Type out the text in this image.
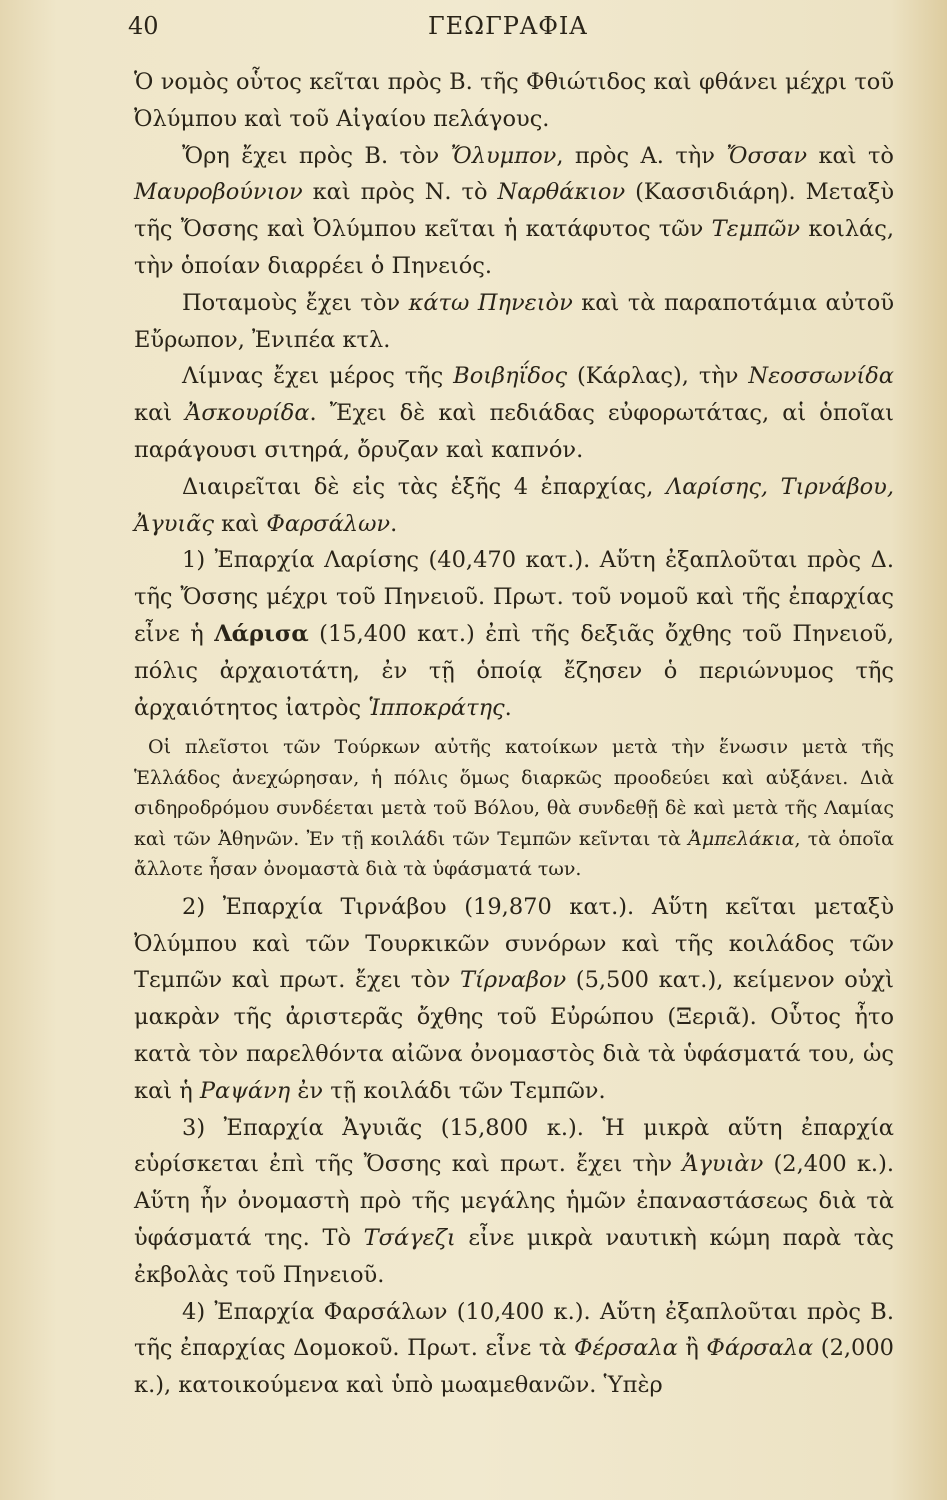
40	ΓΕΩΓΡΑΦΙΑ

Ὁ νομὸς οὗτος κεῖται πρὸς Β. τῆς Φθιώτιδος καὶ φθάνει μέχρι τοῦ Ὀλύμπου καὶ τοῦ Αἰγαίου πελάγους.

Ὄρη ἔχει πρὸς Β. τὸν Ὄλυμπον, πρὸς Α. τὴν Ὄσσαν καὶ τὸ Μαυροβούνιον καὶ πρὸς Ν. τὸ Ναρθάκιον (Κασσιδιάρη). Μεταξὺ τῆς Ὄσσης καὶ Ὀλύμπου κεῖται ἡ κατάφυτος τῶν Τεμπῶν κοιλάς, τὴν ὁποίαν διαρρέει ὁ Πηνειός.

Ποταμοὺς ἔχει τὸν κάτω Πηνειὸν καὶ τὰ παραποτάμια αὐτοῦ Εὔρωπον, Ἐνιπέα κτλ.

Λίμνας ἔχει μέρος τῆς Βοιβηΐδος (Κάρλας), τὴν Νεοσσωνίδα καὶ Ἀσκουρίδα. Ἔχει δὲ καὶ πεδιάδας εὐφορωτάτας, αἱ ὁποῖαι παράγουσι σιτηρά, ὄρυζαν καὶ καπνόν.

Διαιρεῖται δὲ εἰς τὰς ἑξῆς 4 ἐπαρχίας, Λαρίσης, Τιρνάβου, Ἀγυιᾶς καὶ Φαρσάλων.

1) Ἐπαρχία Λαρίσης (40,470 κατ.). Αὕτη ἐξαπλοῦται πρὸς Δ. τῆς Ὄσσης μέχρι τοῦ Πηνειοῦ. Πρωτ. τοῦ νομοῦ καὶ τῆς ἐπαρχίας εἶνε ἡ Λάρισα (15,400 κατ.) ἐπὶ τῆς δεξιᾶς ὄχθης τοῦ Πηνειοῦ, πόλις ἀρχαιοτάτη, ἐν τῇ ὁποίᾳ ἔζησεν ὁ περιώνυμος τῆς ἀρχαιότητος ἰατρὸς Ἱπποκράτης.

Οἱ πλεῖστοι τῶν Τούρκων αὐτῆς κατοίκων μετὰ τὴν ἕνωσιν μετὰ τῆς Ἑλλάδος ἀνεχώρησαν, ἡ πόλις ὅμως διαρκῶς προοδεύει καὶ αὐξάνει. Διὰ σιδηροδρόμου συνδέεται μετὰ τοῦ Βόλου, θὰ συνδεθῇ δὲ καὶ μετὰ τῆς Λαμίας καὶ τῶν Ἀθηνῶν. Ἐν τῇ κοιλάδι τῶν Τεμπῶν κεῖνται τὰ Ἀμπελάκια, τὰ ὁποῖα ἄλλοτε ἦσαν ὀνομαστὰ διὰ τὰ ὑφάσματά των.

2) Ἐπαρχία Τιρνάβου (19,870 κατ.). Αὕτη κεῖται μεταξὺ Ὀλύμπου καὶ τῶν Τουρκικῶν συνόρων καὶ τῆς κοιλάδος τῶν Τεμπῶν καὶ πρωτ. ἔχει τὸν Τίρναβον (5,500 κατ.), κείμενον οὐχὶ μακρὰν τῆς ἀριστερᾶς ὄχθης τοῦ Εὐρώπου (Ξεριᾶ). Οὗτος ἦτο κατὰ τὸν παρελθόντα αἰῶνα ὀνομαστὸς διὰ τὰ ὑφάσματά του, ὡς καὶ ἡ Ραψάνη ἐν τῇ κοιλάδι τῶν Τεμπῶν.

3) Ἐπαρχία Ἀγυιᾶς (15,800 κ.). Ἡ μικρὰ αὕτη ἐπαρχία εὑρίσκεται ἐπὶ τῆς Ὄσσης καὶ πρωτ. ἔχει τὴν Ἀγυιὰν (2,400 κ.). Αὕτη ἦν ὀνομαστὴ πρὸ τῆς μεγάλης ἡμῶν ἐπαναστάσεως διὰ τὰ ὑφάσματά της. Τὸ Τσάγεζι εἶνε μικρὰ ναυτικὴ κώμη παρὰ τὰς ἐκβολὰς τοῦ Πηνειοῦ.

4) Ἐπαρχία Φαρσάλων (10,400 κ.). Αὕτη ἐξαπλοῦται πρὸς Β. τῆς ἐπαρχίας Δομοκοῦ. Πρωτ. εἶνε τὰ Φέρσαλα ἢ Φάρσαλα (2,000 κ.), κατοικούμενα καὶ ὑπὸ μωαμεθανῶν. Ὑπὲρ
